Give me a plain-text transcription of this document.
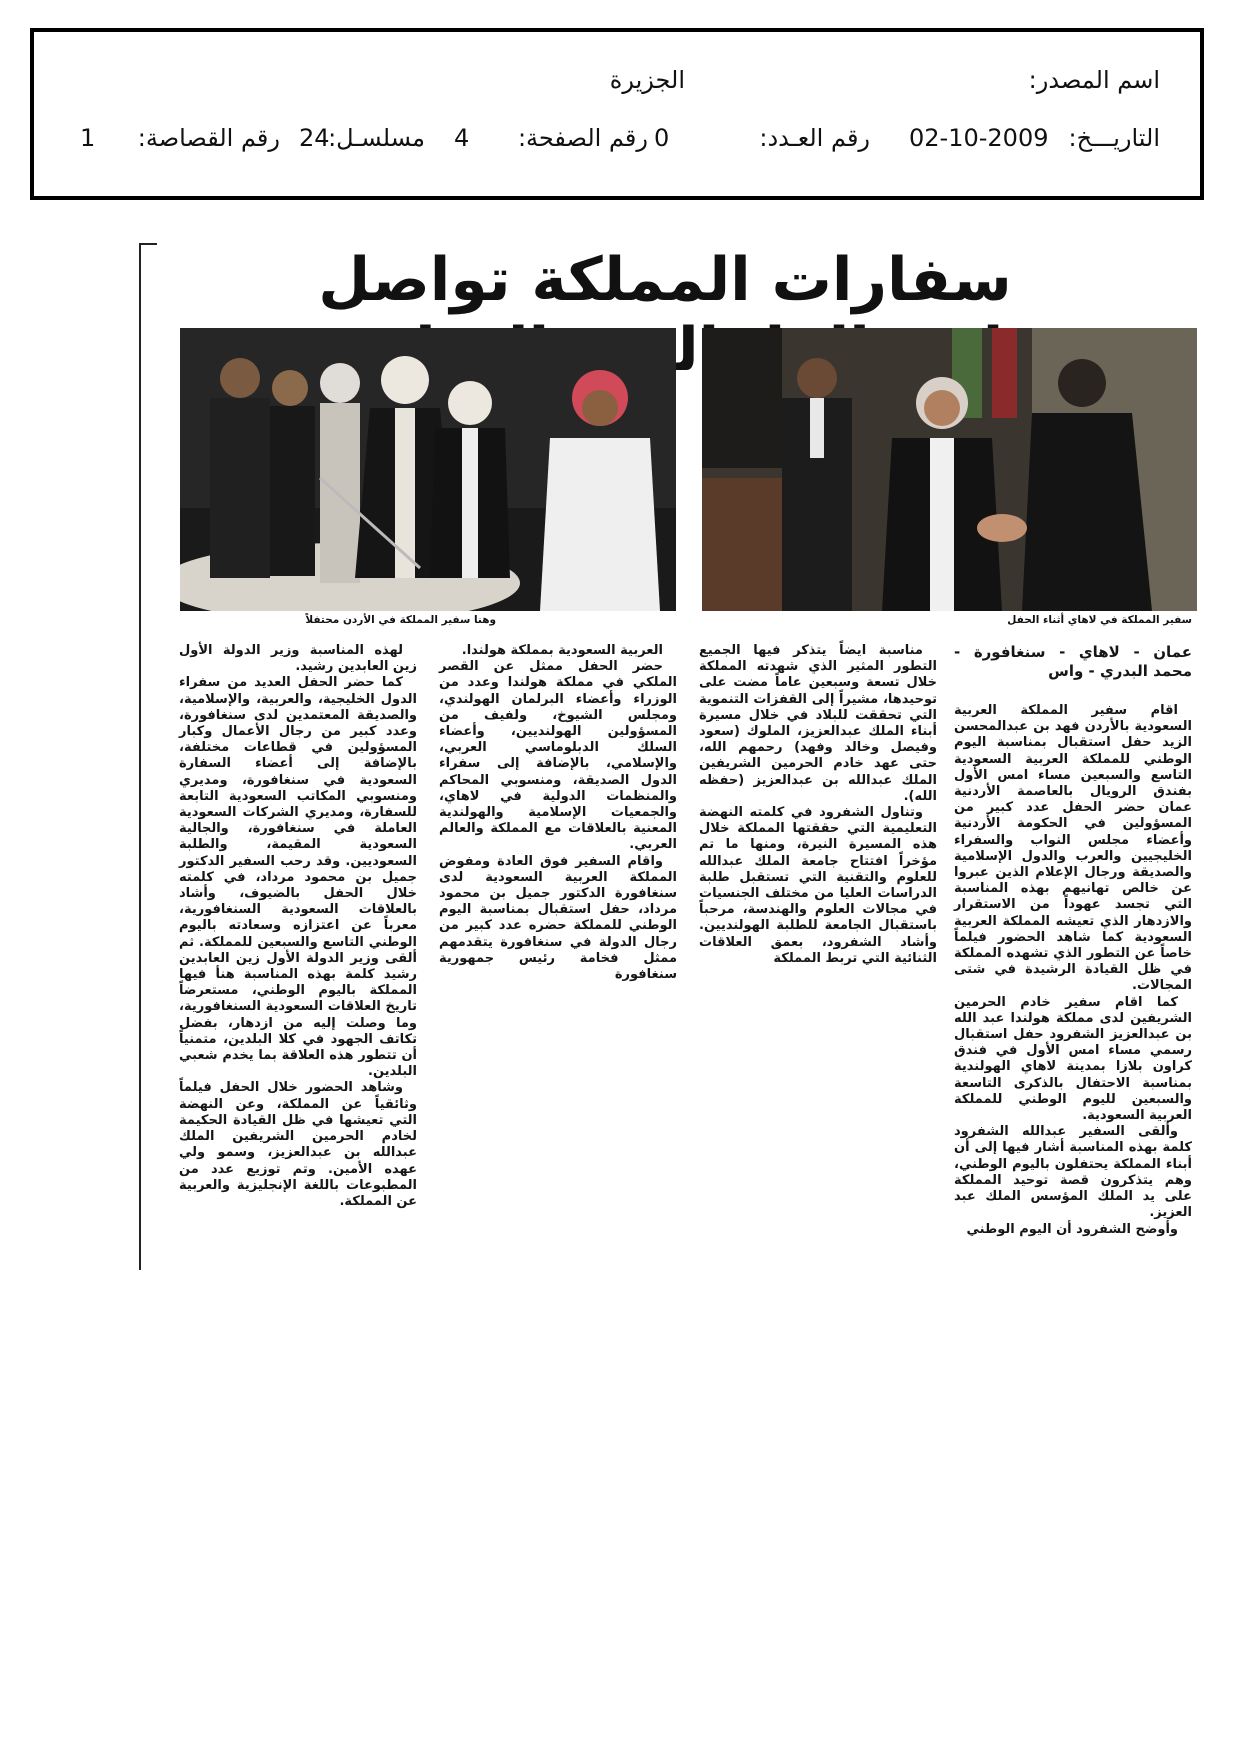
اسم المصدر:
الجزيرة
التاريـــخ:
02-10-2009
رقم العـدد:
0
رقم الصفحة:
4
مسلسـل:
24
رقم القصاصة:
1
سفارات المملكة تواصل
سفير المملكة في لاهاي أثناء الحفل
وهنا سفير المملكة في الأردن محتفلاً

عمان - لاهاي - سنغافورة - محمد البدري - واس

اقام سفير المملكة العربية السعودية بالأردن فهد بن عبدالمحسن الزيد حفل استقبال بمناسبة اليوم الوطني للمملكة العربية السعودية التاسع والسبعين مساء امس الأول بفندق الرويال بالعاصمة الأردنية عمان حضر الحفل عدد كبير من المسؤولين في الحكومة الأردنية وأعضاء مجلس النواب والسفراء الخليجيين والعرب والدول الإسلامية والصديقة ورجال الإعلام الذين عبروا عن خالص تهانيهم بهذه المناسبة التي تجسد عهوداً من الاستقرار والازدهار الذي تعيشه المملكة العربية السعودية كما شاهد الحضور فيلماً خاصاً عن التطور الذي تشهده المملكة في ظل القيادة الرشيدة في شتى المجالات.

كما اقام سفير خادم الحرمين الشريفين لدى مملكة هولندا عبد الله بن عبدالعزيز الشفرود حفل استقبال رسمي مساء امس الأول في فندق كراون بلازا بمدينة لاهاي الهولندية بمناسبة الاحتفال بالذكرى التاسعة والسبعين لليوم الوطني للمملكة العربية السعودية.

وألقى السفير عبدالله الشفرود كلمة بهذه المناسبة أشار فيها إلى أن أبناء المملكة يحتفلون باليوم الوطني، وهم يتذكرون قصة توحيد المملكة على يد الملك المؤسس الملك عبد العزيز.

وأوضح الشفرود أن اليوم الوطني

مناسبة ايضاً يتذكر فيها الجميع التطور المثير الذي شهدته المملكة خلال تسعة وسبعين عاماً مضت على توحيدها، مشيراً إلى القفزات التنموية التي تحققت للبلاد في خلال مسيرة أبناء الملك عبدالعزيز، الملوك (سعود وفيصل وخالد وفهد) رحمهم الله، حتى عهد خادم الحرمين الشريفين الملك عبدالله بن عبدالعزيز (حفظه الله).

وتناول الشفرود في كلمته النهضة التعليمية التي حققتها المملكة خلال هذه المسيرة النيرة، ومنها ما تم مؤخراً افتتاح جامعة الملك عبدالله للعلوم والتقنية التي تستقبل طلبة الدراسات العليا من مختلف الجنسيات في مجالات العلوم والهندسة، مرحباً باستقبال الجامعة للطلبة الهولنديين. وأشاد الشفرود، بعمق العلاقات الثنائية التي تربط المملكة

العربية السعودية بمملكة هولندا.

حضر الحفل ممثل عن القصر الملكي في مملكة هولندا وعدد من الوزراء وأعضاء البرلمان الهولندي، ومجلس الشيوخ، ولفيف من المسؤولين الهولنديين، وأعضاء السلك الدبلوماسي العربي، والإسلامي، بالإضافة إلى سفراء الدول الصديقة، ومنسوبي المحاكم والمنظمات الدولية في لاهاي، والجمعيات الإسلامية والهولندية المعنية بالعلاقات مع المملكة والعالم العربي.

واقام السفير فوق العادة ومفوض المملكة العربية السعودية لدى سنغافورة الدكتور جميل بن محمود مرداد، حفل استقبال بمناسبة اليوم الوطني للمملكة حضره عدد كبير من رجال الدولة في سنغافورة يتقدمهم ممثل فخامة رئيس جمهورية سنغافورة

لهذه المناسبة وزير الدولة الأول زين العابدين رشيد.

كما حضر الحفل العديد من سفراء الدول الخليجية، والعربية، والإسلامية، والصديقة المعتمدين لدى سنغافورة، وعدد كبير من رجال الأعمال وكبار المسؤولين في قطاعات مختلفة، بالإضافة إلى أعضاء السفارة السعودية في سنغافورة، ومديري ومنسوبي المكاتب السعودية التابعة للسفارة، ومديري الشركات السعودية العاملة في سنغافورة، والجالية السعودية المقيمة، والطلبة السعوديين. وقد رحب السفير الدكتور جميل بن محمود مرداد، في كلمته خلال الحفل بالضيوف، وأشاد بالعلاقات السعودية السنغافورية، معرباً عن اعتزازه وسعادته باليوم الوطني التاسع والسبعين للمملكة. ثم ألقى وزير الدولة الأول زين العابدين رشيد كلمة بهذه المناسبة هنأ فيها المملكة باليوم الوطني، مستعرضاً تاريخ العلاقات السعودية السنغافورية، وما وصلت إليه من ازدهار، بفضل تكاتف الجهود في كلا البلدين، متمنياً أن تتطور هذه العلاقة بما يخدم شعبي البلدين.

وشاهد الحضور خلال الحفل فيلماً وثائقياً عن المملكة، وعن النهضة التي تعيشها في ظل القيادة الحكيمة لخادم الحرمين الشريفين الملك عبدالله بن عبدالعزيز، وسمو ولي عهده الأمين. وتم توزيع عدد من المطبوعات باللغة الإنجليزية والعربية عن المملكة.
